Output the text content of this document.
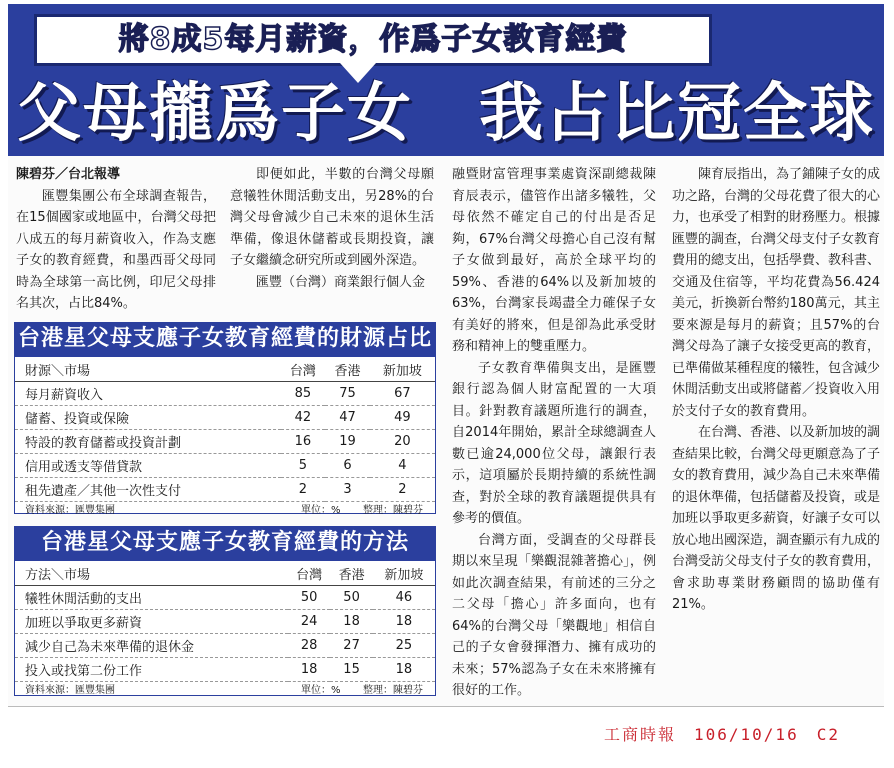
將8成5每月薪資，作爲子女教育經費
父母攏爲子女　我占比冠全球

陳碧芬／台北報導

匯豐集團公布全球調查報告，在15個國家或地區中，台灣父母把八成五的每月薪資收入，作為支應子女的教育經費，和墨西哥父母同時為全球第一高比例，印尼父母排名其次，占比84%。

即便如此，半數的台灣父母願意犧牲休閒活動支出，另28%的台灣父母會減少自己未來的退休生活準備，像退休儲蓄或長期投資，讓子女繼續念研究所或到國外深造。

匯豐（台灣）商業銀行個人金

融暨財富管理事業處資深副總裁陳育辰表示，儘管作出諸多犧牲，父母依然不確定自己的付出是否足夠，67%台灣父母擔心自己沒有幫子女做到最好，高於全球平均的59%、香港的64%以及新加坡的63%，台灣家長竭盡全力確保子女有美好的將來，但是卻為此承受財務和精神上的雙重壓力。

子女教育準備與支出，是匯豐銀行認為個人財富配置的一大項目。針對教育議題所進行的調查，自2014年開始，累計全球總調查人數已逾24,000位父母，讓銀行表示，這項屬於長期持續的系統性調查，對於全球的教育議題提供具有參考的價值。

台灣方面，受調查的父母群長期以來呈現「樂觀混雜著擔心」，例如此次調查結果，有前述的三分之二父母「擔心」許多面向，也有64%的台灣父母「樂觀地」相信自己的子女會發揮潛力、擁有成功的未來；57%認為子女在未來將擁有很好的工作。

陳育辰指出，為了鋪陳子女的成功之路，台灣的父母花費了很大的心力，也承受了相對的財務壓力。根據匯豐的調查，台灣父母支付子女教育費用的總支出，包括學費、教科書、交通及住宿等，平均花費為56.424美元，折換新台幣約180萬元，其主要來源是每月的薪資；且57%的台灣父母為了讓子女接受更高的教育，已準備做某種程度的犧牲，包含減少休閒活動支出或將儲蓄／投資收入用於支付子女的教育費用。

在台灣、香港、以及新加坡的調查結果比較，台灣父母更願意為了子女的教育費用，減少為自己未來準備的退休準備，包括儲蓄及投資，或是加班以爭取更多薪資，好讓子女可以放心地出國深造，調查顯示有九成的台灣受訪父母支付子女的教育費用，會求助專業財務顧問的協助僅有21%。

台港星父母支應子女教育經費的財源占比
財源＼市場	台灣	香港	新加坡
每月薪資收入	85	75	67
儲蓄、投資或保險	42	47	49
特設的教育儲蓄或投資計劃	16	19	20
信用或透支等借貸款	5	6	4
租先遺產／其他一次性支付	2	3	2
資料來源：匯豐集團	單位：% 整理：陳碧芬
台港星父母支應子女教育經費的方法
方法＼市場	台灣	香港	新加坡
犧牲休閒活動的支出	50	50	46
加班以爭取更多薪資	24	18	18
減少自己為未來準備的退休金	28	27	25
投入或找第二份工作	18	15	18
資料來源：匯豐集團	單位：% 整理：陳碧芬
工商時報　106/10/16　C2
